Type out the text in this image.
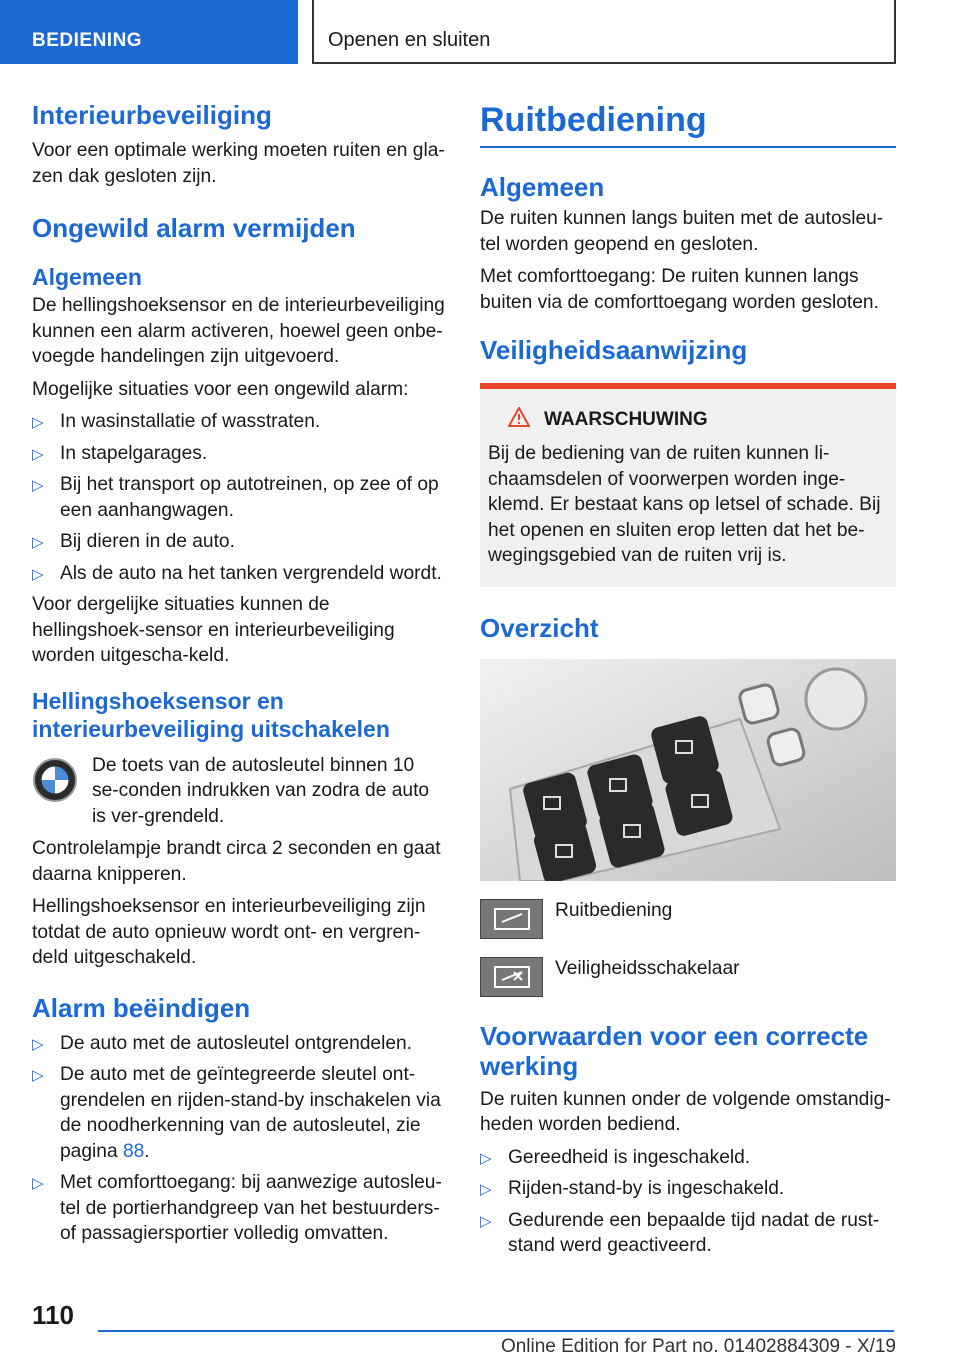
BEDIENING	Openen en sluiten
Interieurbeveiliging

Voor een optimale werking moeten ruiten en gla-zen dak gesloten zijn.

Ongewild alarm vermijden
Algemeen

De hellingshoeksensor en de interieurbeveiliging kunnen een alarm activeren, hoewel geen onbe-voegde handelingen zijn uitgevoerd.

Mogelijke situaties voor een ongewild alarm:

▷ In wasinstallatie of wasstraten.
▷ In stapelgarages.
▷ Bij het transport op autotreinen, op zee of op een aanhangwagen.
▷ Bij dieren in de auto.
▷ Als de auto na het tanken vergrendeld wordt.

Voor dergelijke situaties kunnen de hellingshoek-sensor en interieurbeveiliging worden uitgescha-keld.

Hellingshoeksensor en interieurbeveiliging uitschakelen

De toets van de autosleutel binnen 10 se-conden indrukken van zodra de auto is ver-grendeld.

Controlelampje brandt circa 2 seconden en gaat daarna knipperen.

Hellingshoeksensor en interieurbeveiliging zijn totdat de auto opnieuw wordt ont- en vergren-deld uitgeschakeld.

Alarm beëindigen
▷ De auto met de autosleutel ontgrendelen.
▷ De auto met de geïntegreerde sleutel ont-grendelen en rijden-stand-by inschakelen via de noodherkenning van de autosleutel, zie pagina 88.
▷ Met comforttoegang: bij aanwezige autosleu-tel de portierhandgreep van het bestuurders-of passagiersportier volledig omvatten.
Ruitbediening
Algemeen

De ruiten kunnen langs buiten met de autosleu-tel worden geopend en gesloten.

Met comforttoegang: De ruiten kunnen langs buiten via de comforttoegang worden gesloten.

Veiligheidsaanwijzing
WAARSCHUWING

Bij de bediening van de ruiten kunnen li-chaamsdelen of voorwerpen worden inge-klemd. Er bestaat kans op letsel of schade. Bij het openen en sluiten erop letten dat het be-wegingsgebied van de ruiten vrij is.

Overzicht
Ruitbediening
Veiligheidsschakelaar
Voorwaarden voor een correcte werking

De ruiten kunnen onder de volgende omstandig-heden worden bediend.

▷ Gereedheid is ingeschakeld.
▷ Rijden-stand-by is ingeschakeld.
▷ Gedurende een bepaalde tijd nadat de rust-stand werd geactiveerd.
110
Online Edition for Part no. 01402884309 - X/19
